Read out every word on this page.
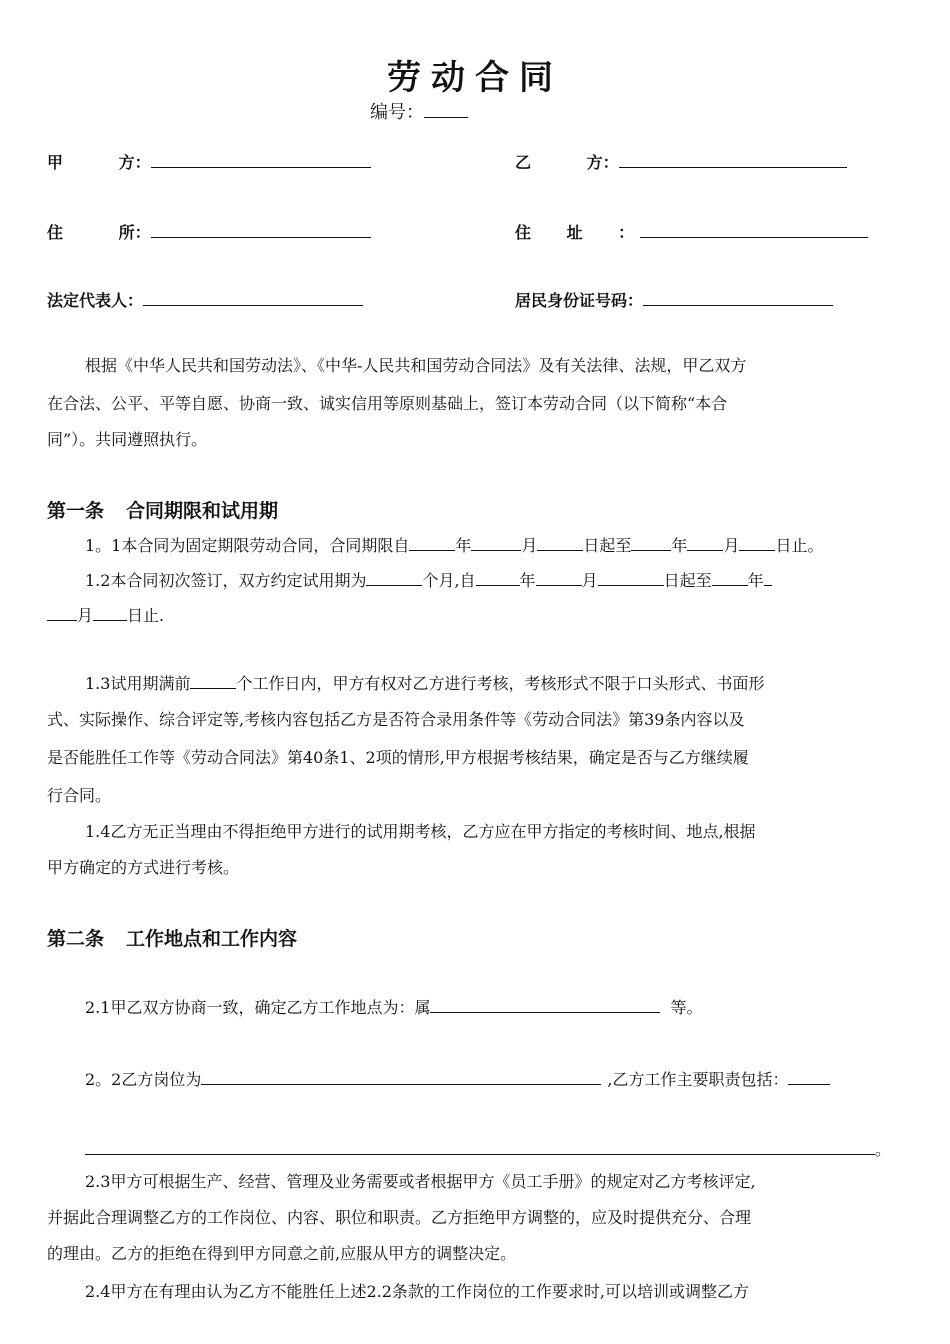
劳动合同
编号：
甲 方：	乙 方：
住 所：	住 址 ：
法定代表人：	居民身份证号码：
根据《中华人民共和国劳动法》、《中华-人民共和国劳动合同法》及有关法律、法规，甲乙双方
在合法、公平、平等自愿、协商一致、诚实信用等原则基础上，签订本劳动合同（以下简称“本合
同”）。共同遵照执行。
第一条 合同期限和试用期
1。1本合同为固定期限劳动合同，合同期限自	年	月	日起至	年 月 日止。
1.2本合同初次签订，双方约定试用期为	个月,自	年	月	日起至 年
月 日止.
1.3试用期满前	个工作日内，甲方有权对乙方进行考核，考核形式不限于口头形式、书面形
式、实际操作、综合评定等,考核内容包括乙方是否符合录用条件等《劳动合同法》第39条内容以及
是否能胜任工作等《劳动合同法》第40条1、2项的情形,甲方根据考核结果，确定是否与乙方继续履
行合同。
1.4乙方无正当理由不得拒绝甲方进行的试用期考核，乙方应在甲方指定的考核时间、地点,根据
甲方确定的方式进行考核。
第二条 工作地点和工作内容
2.1甲乙双方协商一致，确定乙方工作地点为：属	等。
2。2乙方岗位为	,乙方工作主要职责包括：
。
2.3甲方可根据生产、经营、管理及业务需要或者根据甲方《员工手册》的规定对乙方考核评定,
并据此合理调整乙方的工作岗位、内容、职位和职责。乙方拒绝甲方调整的，应及时提供充分、合理
的理由。乙方的拒绝在得到甲方同意之前,应服从甲方的调整决定。
2.4甲方在有理由认为乙方不能胜任上述2.2条款的工作岗位的工作要求时,可以培训或调整乙方
